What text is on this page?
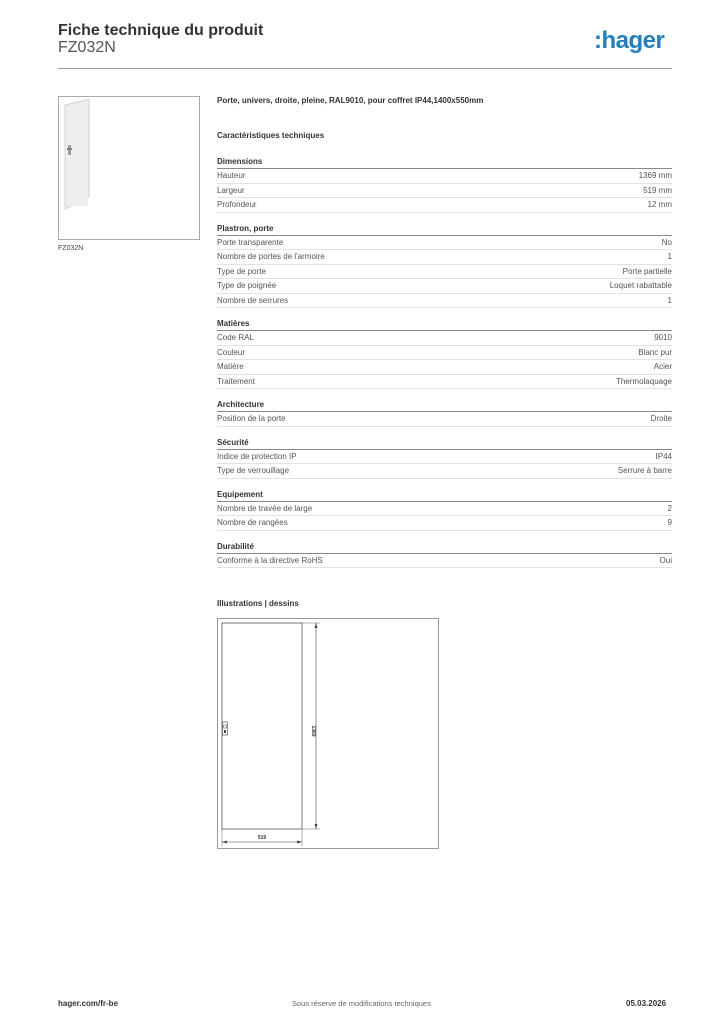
Fiche technique du produit
FZ032N	:hager
FZ032N
Porte, univers, droite, pleine, RAL9010, pour coffret IP44,1400x550mm
Caractéristiques techniques
Dimensions
Hauteur	1369 mm
Largeur	519 mm
Profondeur	12 mm
Plastron, porte
Porte transparente	No
Nombre de portes de l'armoire	1
Type de porte	Porte partielle
Type de poignée	Loquet rabattable
Nombre de serrures	1
Matières
Code RAL	9010
Couleur	Blanc pur
Matière	Acier
Traitement	Thermolaquage
Architecture
Position de la porte	Droite
Sécurité
Indice de protection IP	IP44
Type de verrouillage	Serrure à barre
Equipement
Nombre de travée de large	2
Nombre de rangées	9
Durabilité
Conforme à la directive RoHS	Oui
Illustrations | dessins
1369
519
hager.com/fr-be	Sous réserve de modifications techniques	05.03.2026
